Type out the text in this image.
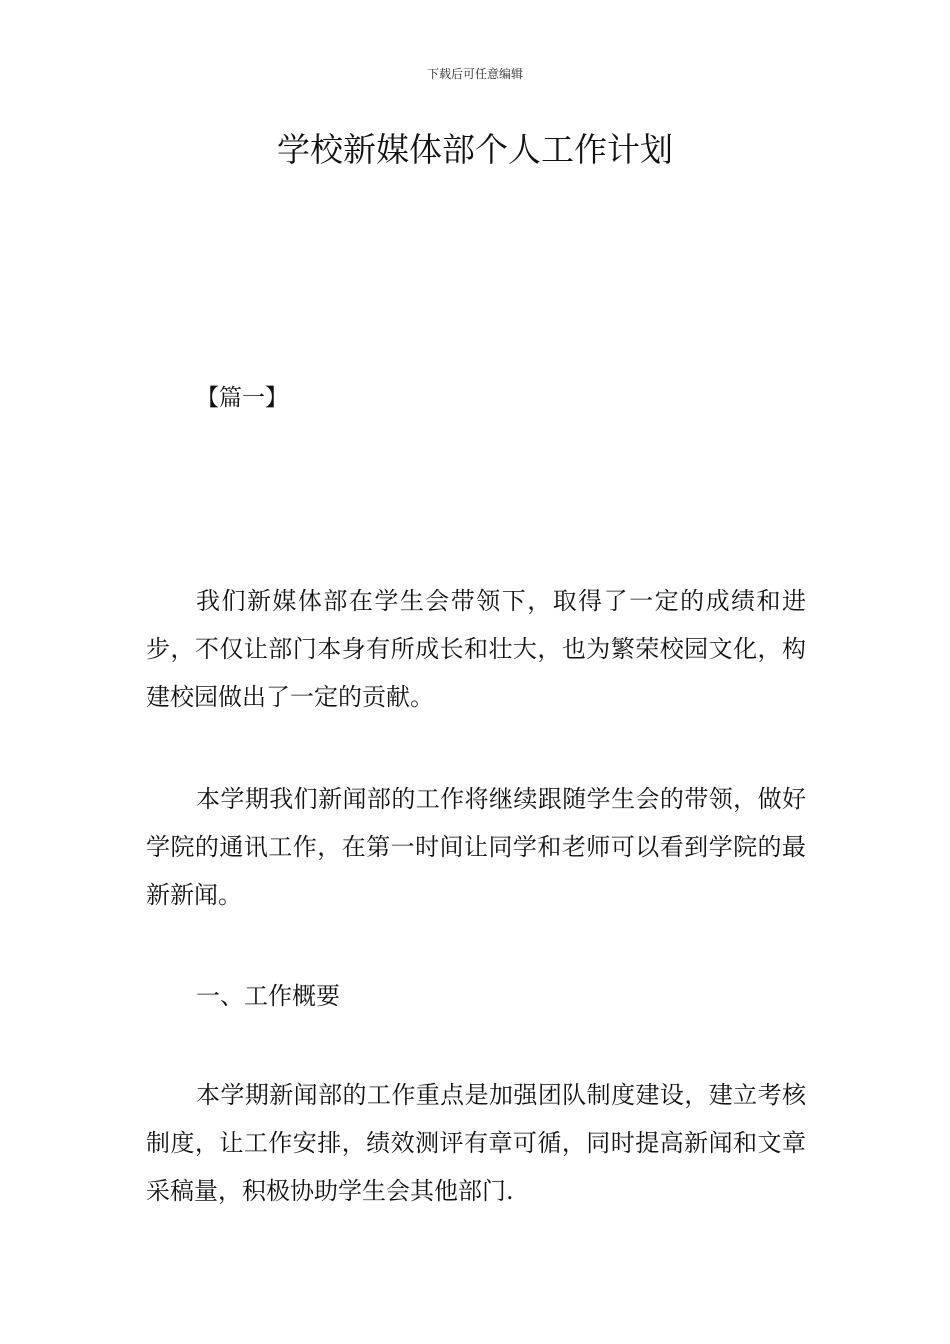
下载后可任意编辑
学校新媒体部个人工作计划
【篇一】

我们新媒体部在学生会带领下，取得了一定的成绩和进步，不仅让部门本身有所成长和壮大，也为繁荣校园文化，构建校园做出了一定的贡献。

本学期我们新闻部的工作将继续跟随学生会的带领，做好学院的通讯工作，在第一时间让同学和老师可以看到学院的最新新闻。

一、工作概要

本学期新闻部的工作重点是加强团队制度建设，建立考核制度，让工作安排，绩效测评有章可循，同时提高新闻和文章采稿量，积极协助学生会其他部门.
